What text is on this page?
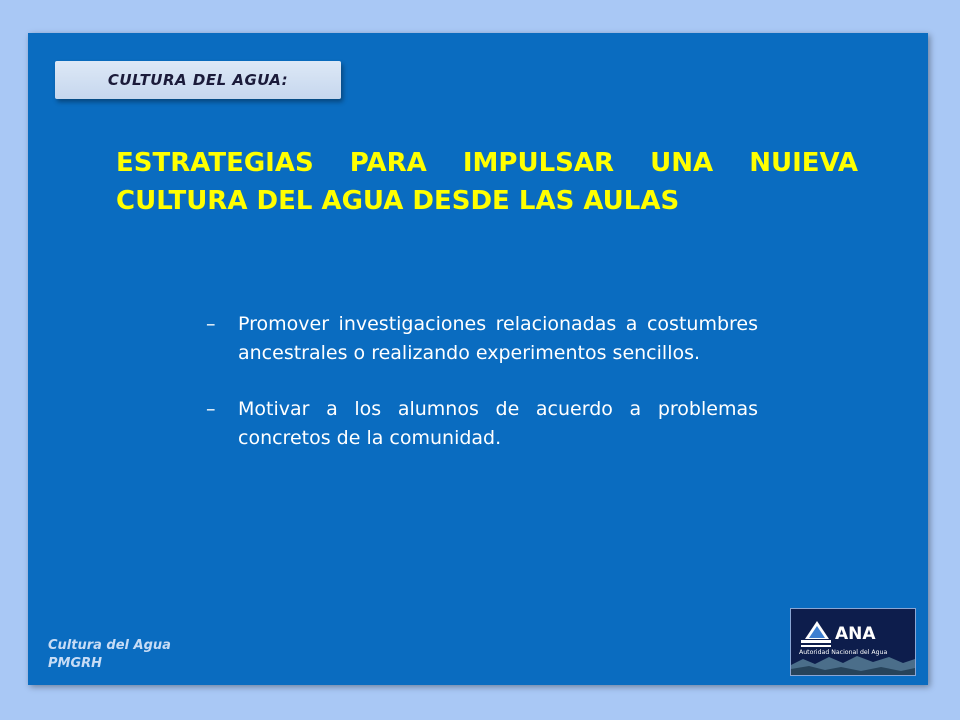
CULTURA DEL AGUA:
ESTRATEGIAS PARA IMPULSAR UNA NUIEVA CULTURA DEL AGUA DESDE LAS AULAS
– Promover investigaciones relacionadas a costumbres ancestrales o realizando experimentos sencillos.
– Motivar a los alumnos de acuerdo a problemas concretos de la comunidad.
Cultura del Agua
PMGRH
ANA
Autoridad Nacional del Agua
